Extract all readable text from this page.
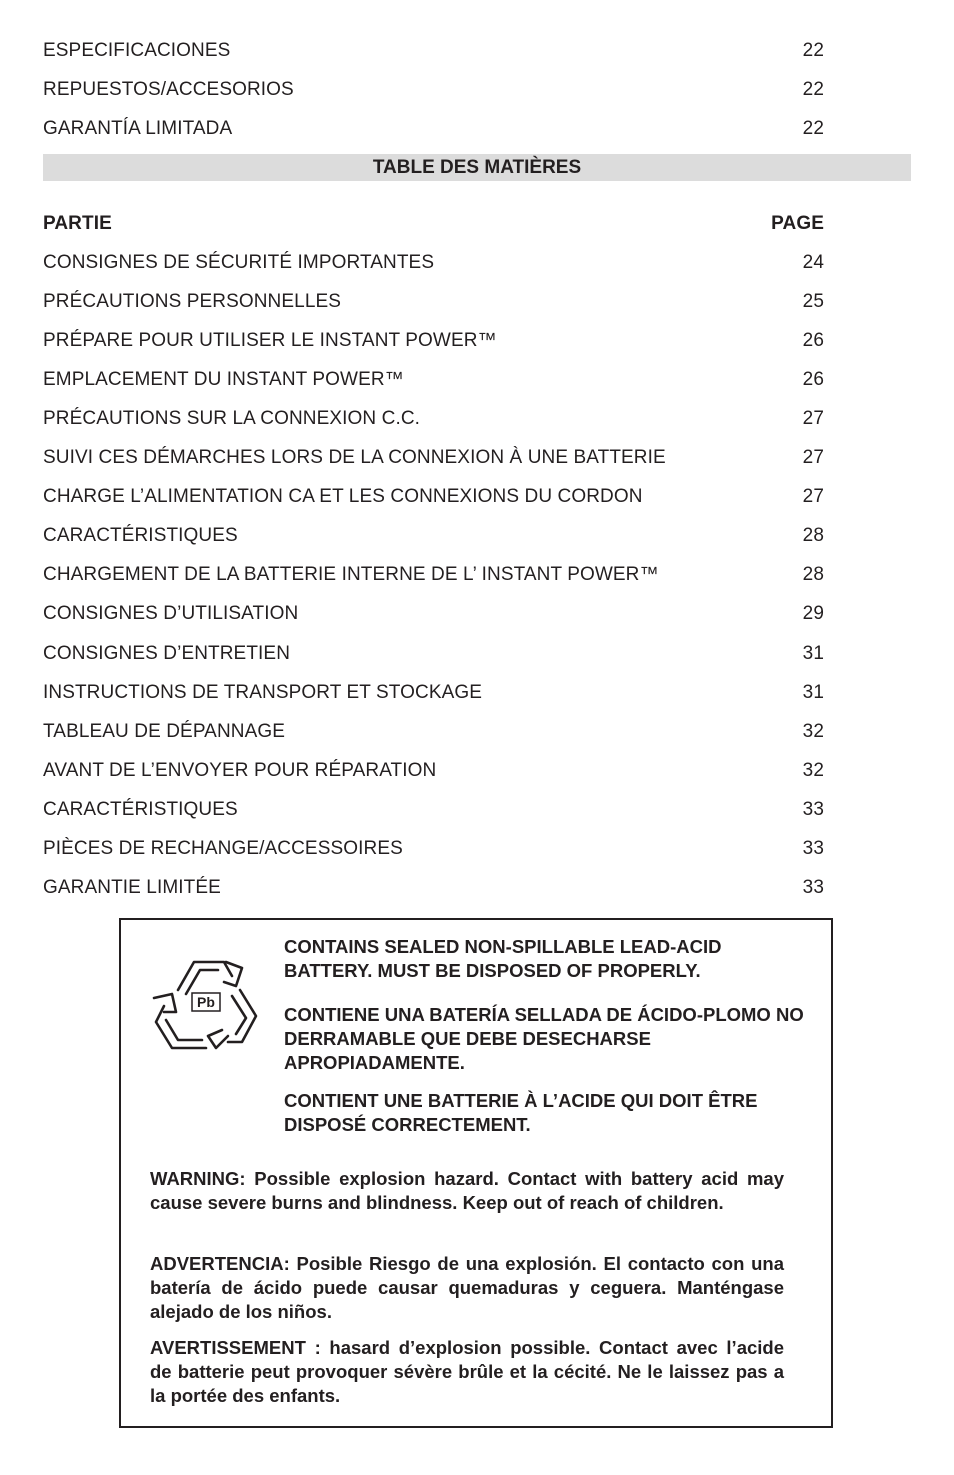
ESPECIFICACIONES	22
REPUESTOS/ACCESORIOS	22
GARANTÍA LIMITADA	22
TABLE DES MATIÈRES
PARTIE	PAGE
CONSIGNES DE SÉCURITÉ IMPORTANTES	24
PRÉCAUTIONS PERSONNELLES	25
PRÉPARE POUR UTILISER LE INSTANT POWER™	26
EMPLACEMENT DU INSTANT POWER™	26
PRÉCAUTIONS SUR LA CONNEXION C.C.	27
SUIVI CES DÉMARCHES LORS DE LA CONNEXION À UNE BATTERIE	27
CHARGE L’ALIMENTATION CA ET LES CONNEXIONS DU CORDON	27
CARACTÉRISTIQUES	28
CHARGEMENT DE LA BATTERIE INTERNE DE L’ INSTANT POWER™	28
CONSIGNES D’UTILISATION	29
CONSIGNES D’ENTRETIEN	31
INSTRUCTIONS DE TRANSPORT ET STOCKAGE	31
TABLEAU DE DÉPANNAGE	32
AVANT DE L’ENVOYER POUR RÉPARATION	32
CARACTÉRISTIQUES	33
PIÈCES DE RECHANGE/ACCESSOIRES	33
GARANTIE LIMITÉE	33
Pb

CONTAINS SEALED NON-SPILLABLE LEAD-ACID BATTERY. MUST BE DISPOSED OF PROPERLY.

CONTIENE UNA BATERÍA SELLADA DE ÁCIDO-PLOMO NO DERRAMABLE QUE DEBE DESECHARSE APROPIADAMENTE.

CONTIENT UNE BATTERIE À L’ACIDE QUI DOIT ÊTRE DISPOSÉ CORRECTEMENT.

WARNING: Possible explosion hazard. Contact with battery acid may cause severe burns and blindness. Keep out of reach of children.

ADVERTENCIA: Posible Riesgo de una explosión. El contacto con una batería de ácido puede causar quemaduras y ceguera. Manténgase alejado de los niños.

AVERTISSEMENT : hasard d’explosion possible. Contact avec l’acide de batterie peut provoquer sévère brûle et la cécité. Ne le laissez pas a la portée des enfants.
